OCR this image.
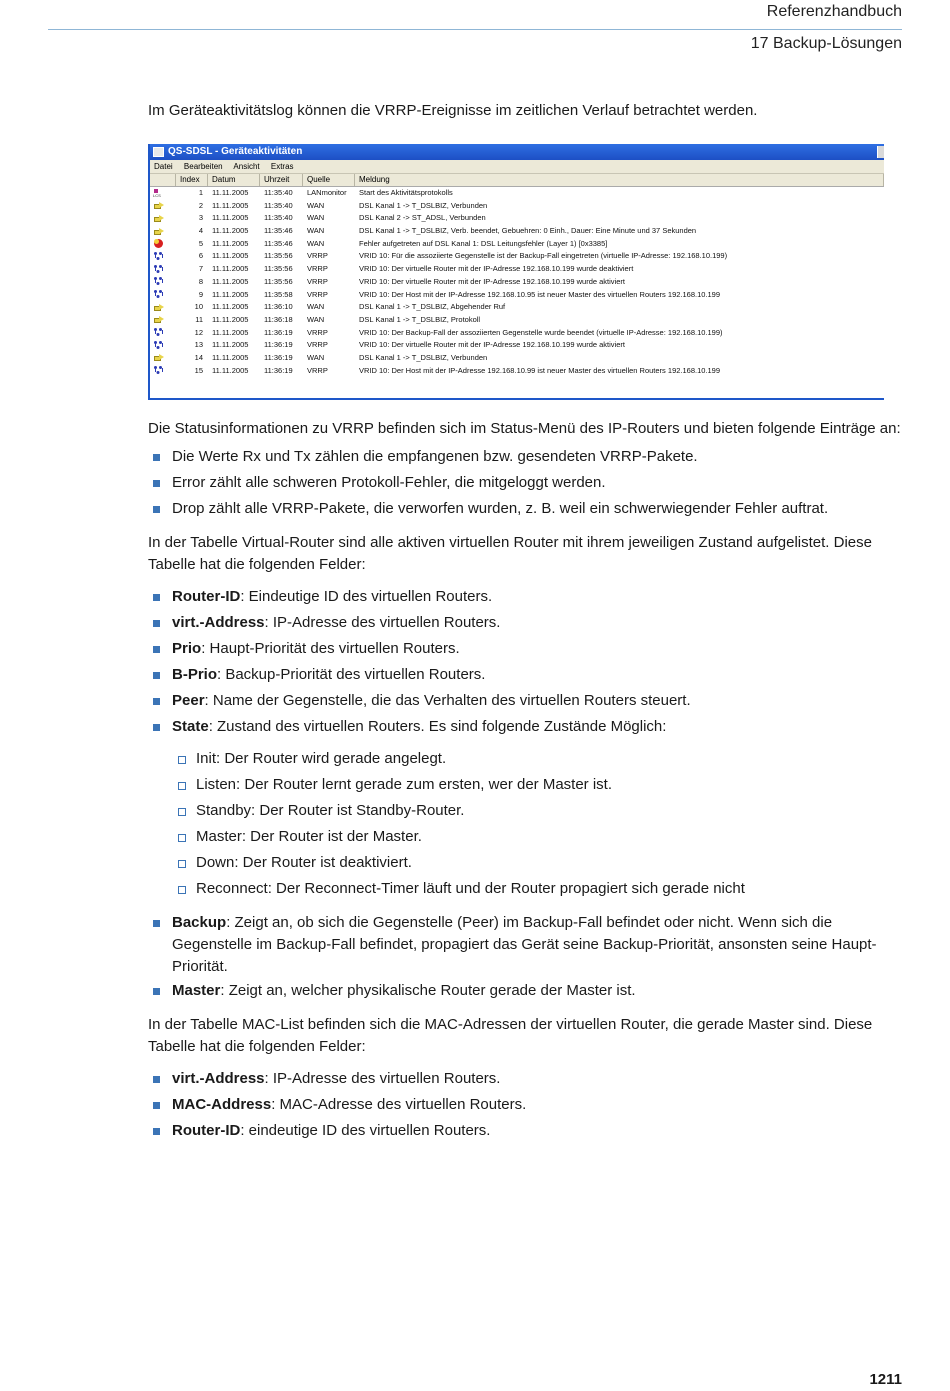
Referenzhandbuch
17 Backup-Lösungen

Im Geräteaktivitätslog können die VRRP-Ereignisse im zeitlichen Verlauf betrachtet werden.

QS-SDSL - Geräteaktivitäten
Datei Bearbeiten Ansicht Extras
Index	Datum	Uhrzeit	Quelle	Meldung
LCS
1	11.11.2005	11:35:40	LANmonitor	Start des Aktivitätsprotokolls
2	11.11.2005	11:35:40	WAN	DSL Kanal 1 -> T_DSLBIZ, Verbunden
3	11.11.2005	11:35:40	WAN	DSL Kanal 2 -> ST_ADSL, Verbunden
4	11.11.2005	11:35:46	WAN	DSL Kanal 1 -> T_DSLBIZ, Verb. beendet, Gebuehren: 0 Einh., Dauer: Eine Minute und 37 Sekunden
5	11.11.2005	11:35:46	WAN	Fehler aufgetreten auf DSL Kanal 1: DSL Leitungsfehler (Layer 1) [0x3385]
6	11.11.2005	11:35:56	VRRP	VRID 10: Für die assoziierte Gegenstelle ist der Backup-Fall eingetreten (virtuelle IP-Adresse: 192.168.10.199)
7	11.11.2005	11:35:56	VRRP	VRID 10: Der virtuelle Router mit der IP-Adresse 192.168.10.199 wurde deaktiviert
8	11.11.2005	11:35:56	VRRP	VRID 10: Der virtuelle Router mit der IP-Adresse 192.168.10.199 wurde aktiviert
9	11.11.2005	11:35:58	VRRP	VRID 10: Der Host mit der IP-Adresse 192.168.10.95 ist neuer Master des virtuellen Routers 192.168.10.199
10	11.11.2005	11:36:10	WAN	DSL Kanal 1 -> T_DSLBIZ, Abgehender Ruf
11	11.11.2005	11:36:18	WAN	DSL Kanal 1 -> T_DSLBIZ, Protokoll
12	11.11.2005	11:36:19	VRRP	VRID 10: Der Backup-Fall der assoziierten Gegenstelle wurde beendet (virtuelle IP-Adresse: 192.168.10.199)
13	11.11.2005	11:36:19	VRRP	VRID 10: Der virtuelle Router mit der IP-Adresse 192.168.10.199 wurde aktiviert
14	11.11.2005	11:36:19	WAN	DSL Kanal 1 -> T_DSLBIZ, Verbunden
15	11.11.2005	11:36:19	VRRP	VRID 10: Der Host mit der IP-Adresse 192.168.10.99 ist neuer Master des virtuellen Routers 192.168.10.199

Die Statusinformationen zu VRRP befinden sich im Status-Menü des IP-Routers und bieten folgende Einträge an:

Die Werte Rx und Tx zählen die empfangenen bzw. gesendeten VRRP-Pakete.
Error zählt alle schweren Protokoll-Fehler, die mitgeloggt werden.
Drop zählt alle VRRP-Pakete, die verworfen wurden, z. B. weil ein schwerwiegender Fehler auftrat.

In der Tabelle Virtual-Router sind alle aktiven virtuellen Router mit ihrem jeweiligen Zustand aufgelistet. Diese Tabelle hat die folgenden Felder:

Router-ID: Eindeutige ID des virtuellen Routers.
virt.-Address: IP-Adresse des virtuellen Routers.
Prio: Haupt-Priorität des virtuellen Routers.
B-Prio: Backup-Priorität des virtuellen Routers.
Peer: Name der Gegenstelle, die das Verhalten des virtuellen Routers steuert.
State: Zustand des virtuellen Routers. Es sind folgende Zustände Möglich:
Init: Der Router wird gerade angelegt.
Listen: Der Router lernt gerade zum ersten, wer der Master ist.
Standby: Der Router ist Standby-Router.
Master: Der Router ist der Master.
Down: Der Router ist deaktiviert.
Reconnect: Der Reconnect-Timer läuft und der Router propagiert sich gerade nicht
Backup: Zeigt an, ob sich die Gegenstelle (Peer) im Backup-Fall befindet oder nicht. Wenn sich die Gegenstelle im Backup-Fall befindet, propagiert das Gerät seine Backup-Priorität, ansonsten seine Haupt-Priorität.
Master: Zeigt an, welcher physikalische Router gerade der Master ist.

In der Tabelle MAC-List befinden sich die MAC-Adressen der virtuellen Router, die gerade Master sind. Diese Tabelle hat die folgenden Felder:

virt.-Address: IP-Adresse des virtuellen Routers.
MAC-Address: MAC-Adresse des virtuellen Routers.
Router-ID: eindeutige ID des virtuellen Routers.
1211
